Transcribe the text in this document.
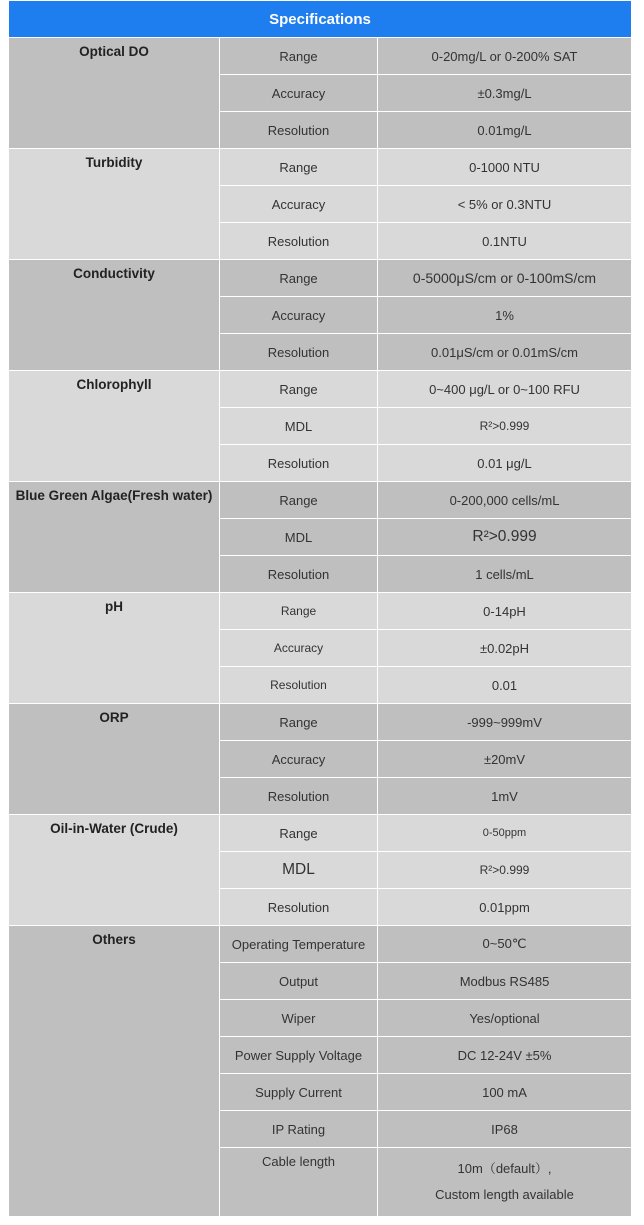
Specifications		
Optical DO	Range	0-20mg/L or 0-200% SAT
	Accuracy	±0.3mg/L
	Resolution	0.01mg/L
Turbidity	Range	0-1000 NTU
	Accuracy	< 5% or 0.3NTU
	Resolution	0.1NTU
Conductivity	Range	0-5000μS/cm or 0-100mS/cm
	Accuracy	1%
	Resolution	0.01μS/cm or 0.01mS/cm
Chlorophyll	Range	0~400 μg/L or 0~100 RFU
	MDL	R²>0.999
	Resolution	0.01 μg/L
Blue Green Algae(Fresh water)	Range	0-200,000 cells/mL
	MDL	R²>0.999
	Resolution	1 cells/mL
pH	Range	0-14pH
	Accuracy	±0.02pH
	Resolution	0.01
ORP	Range	-999~999mV
	Accuracy	±20mV
	Resolution	1mV
Oil-in-Water (Crude)	Range	0-50ppm
	MDL	R²>0.999
	Resolution	0.01ppm
Others	Operating Temperature	0~50℃
	Output	Modbus RS485
	Wiper	Yes/optional
	Power Supply Voltage	DC 12-24V ±5%
	Supply Current	100 mA
	IP Rating	IP68
	Cable length	10m（default）,
Custom length available
